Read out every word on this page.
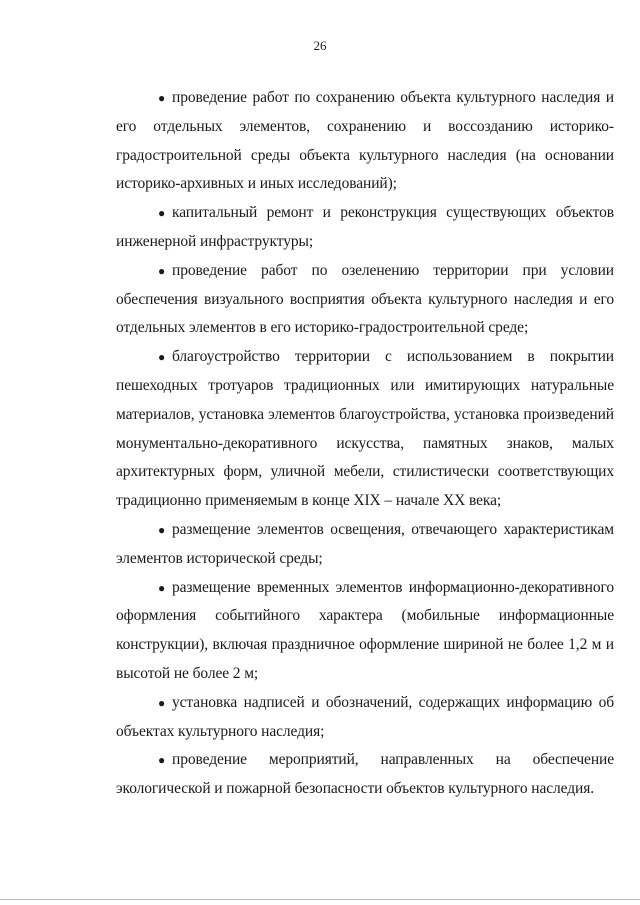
26

● проведение работ по сохранению объекта культурного наследия и его отдельных элементов, сохранению и воссозданию историко-градостроительной среды объекта культурного наследия (на основании историко-архивных и иных исследований);

● капитальный ремонт и реконструкция существующих объектов инженерной инфраструктуры;

● проведение работ по озеленению территории при условии обеспечения визуального восприятия объекта культурного наследия и его отдельных элементов в его историко-градостроительной среде;

● благоустройство территории с использованием в покрытии пешеходных тротуаров традиционных или имитирующих натуральные материалов, установка элементов благоустройства, установка произведений монументально-декоративного искусства, памятных знаков, малых архитектурных форм, уличной мебели, стилистически соответствующих традиционно применяемым в конце XIX – начале XX века;

● размещение элементов освещения, отвечающего характеристикам элементов исторической среды;

● размещение временных элементов информационно-декоративного оформления событийного характера (мобильные информационные конструкции), включая праздничное оформление шириной не более 1,2 м и высотой не более 2 м;

● установка надписей и обозначений, содержащих информацию об объектах культурного наследия;

● проведение мероприятий, направленных на обеспечение экологической и пожарной безопасности объектов культурного наследия.
